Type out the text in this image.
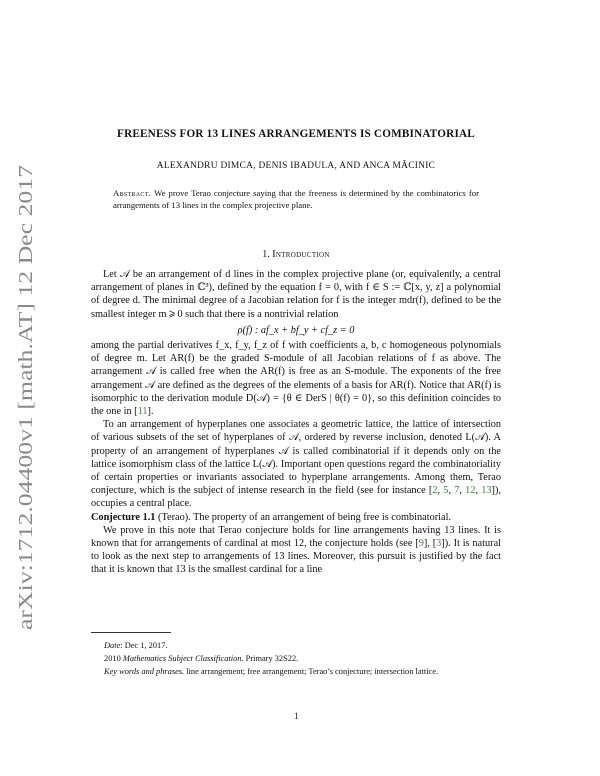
arXiv:1712.04400v1 [math.AT] 12 Dec 2017
FREENESS FOR 13 LINES ARRANGEMENTS IS COMBINATORIAL
ALEXANDRU DIMCA, DENIS IBADULA, AND ANCA MĂCINIC
Abstract. We prove Terao conjecture saying that the freeness is determined by the combinatorics for arrangements of 13 lines in the complex projective plane.
1. Introduction

Let 𝒜 be an arrangement of d lines in the complex projective plane (or, equivalently, a central arrangement of planes in ℂ³), defined by the equation f = 0, with f ∈ S := ℂ[x, y, z] a polynomial of degree d. The minimal degree of a Jacobian relation for f is the integer mdr(f), defined to be the smallest integer m ⩾ 0 such that there is a nontrivial relation

ρ(f) : af_x + bf_y + cf_z = 0

among the partial derivatives f_x, f_y, f_z of f with coefficients a, b, c homogeneous polynomials of degree m. Let AR(f) be the graded S-module of all Jacobian relations of f as above. The arrangement 𝒜 is called free when the AR(f) is free as an S-module. The exponents of the free arrangement 𝒜 are defined as the degrees of the elements of a basis for AR(f). Notice that AR(f) is isomorphic to the derivation module D(𝒜) = {θ ∈ DerS | θ(f) = 0}, so this definition coincides to the one in [11].

To an arrangement of hyperplanes one associates a geometric lattice, the lattice of intersection of various subsets of the set of hyperplanes of 𝒜, ordered by reverse inclusion, denoted L(𝒜). A property of an arrangement of hyperplanes 𝒜 is called combinatorial if it depends only on the lattice isomorphism class of the lattice L(𝒜). Important open questions regard the combinatoriality of certain properties or invariants associated to hyperplane arrangements. Among them, Terao conjecture, which is the subject of intense research in the field (see for instance [2, 5, 7, 12, 13]), occupies a central place.

Conjecture 1.1 (Terao). The property of an arrangement of being free is combinatorial.

We prove in this note that Terao conjecture holds for line arrangements having 13 lines. It is known that for arrangements of cardinal at most 12, the conjecture holds (see [9], [3]). It is natural to look as the next step to arrangements of 13 lines. Moreover, this pursuit is justified by the fact that it is known that 13 is the smallest cardinal for a line

Date: Dec 1, 2017.
2010 Mathematics Subject Classification. Primary 32S22.
Key words and phrases. line arrangement; free arrangement; Terao’s conjecture; intersection lattice.
1
